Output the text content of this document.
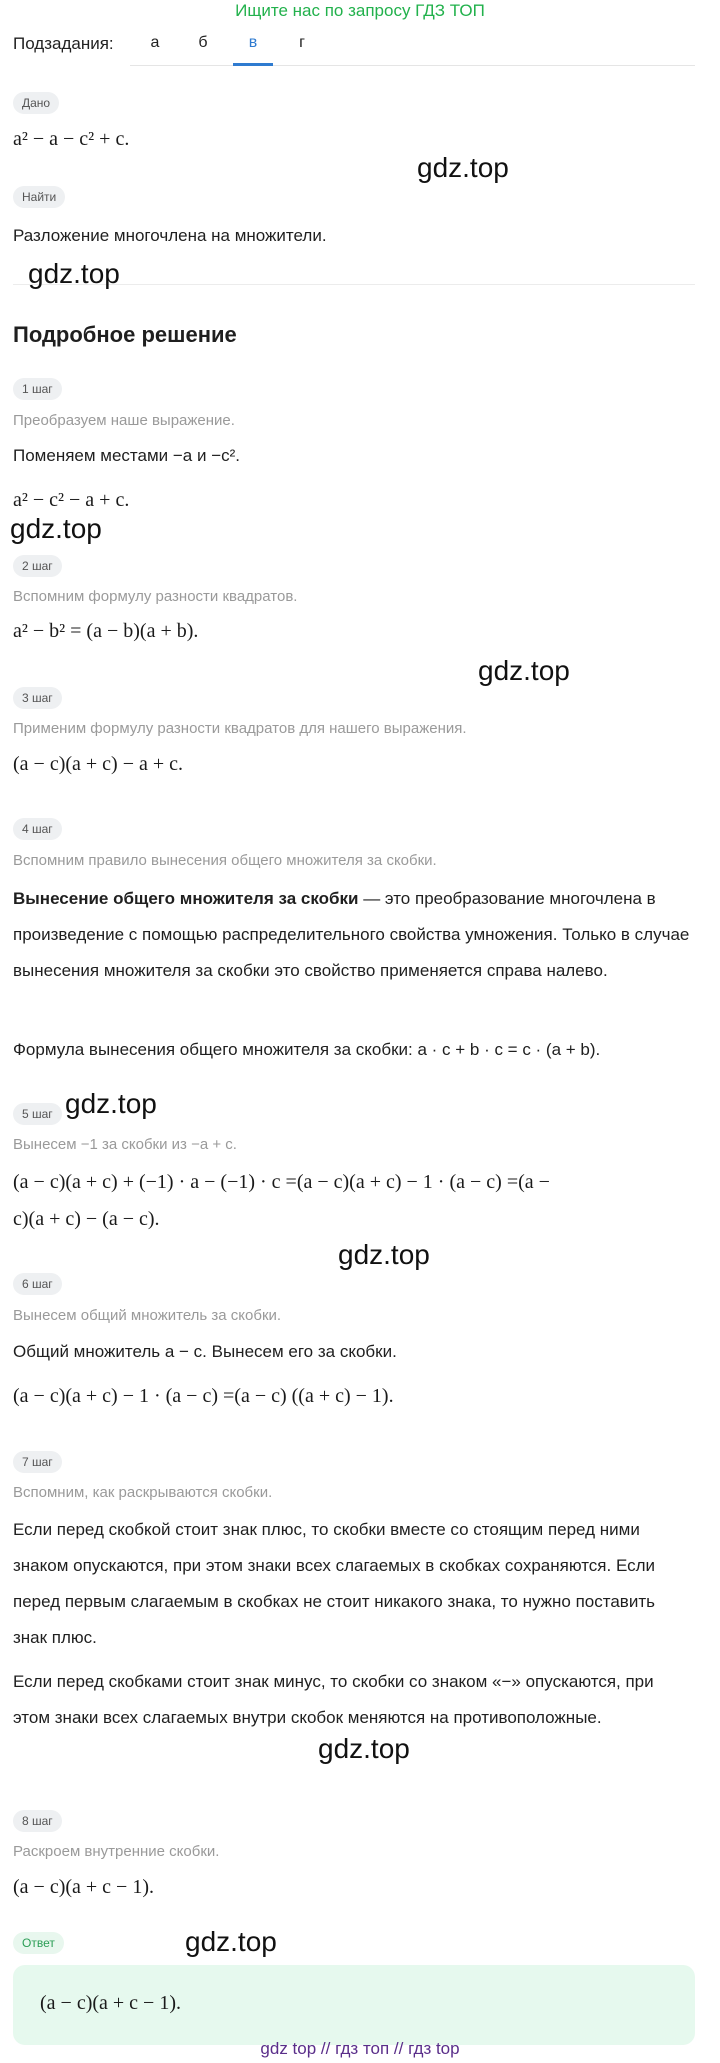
Ищите нас по запросу ГДЗ ТОП
Подзадания:	а	б	в	г
Дано
a² − a − c² + c.
Найти
Разложение многочлена на множители.
Подробное решение
1 шаг
Преобразуем наше выражение.
Поменяем местами −a и −c².
a² − c² − a + c.
2 шаг
Вспомним формулу разности квадратов.
a² − b² = (a − b)(a + b).
3 шаг
Применим формулу разности квадратов для нашего выражения.
(a − c)(a + c) − a + c.
4 шаг
Вспомним правило вынесения общего множителя за скобки.
Вынесение общего множителя за скобки — это преобразование многочлена в произведение с помощью распределительного свойства умножения. Только в случае вынесения множителя за скобки это свойство применяется справа налево.
Формула вынесения общего множителя за скобки: a · c + b · c = c · (a + b).
5 шаг
Вынесем −1 за скобки из −a + c.
(a − c)(a + c) + (−1) · a − (−1) · c =(a − c)(a + c) − 1 · (a − c) =(a −
c)(a + c) − (a − c).
6 шаг
Вынесем общий множитель за скобки.
Общий множитель a − c. Вынесем его за скобки.
(a − c)(a + c) − 1 · (a − c) =(a − c) ((a + c) − 1).
7 шаг
Вспомним, как раскрываются скобки.
Если перед скобкой стоит знак плюс, то скобки вместе со стоящим перед ними знаком опускаются, при этом знаки всех слагаемых в скобках сохраняются. Если перед первым слагаемым в скобках не стоит никакого знака, то нужно поставить знак плюс.
Если перед скобками стоит знак минус, то скобки со знаком «−» опускаются, при этом знаки всех слагаемых внутри скобок меняются на противоположные.
8 шаг
Раскроем внутренние скобки.
(a − c)(a + c − 1).
Ответ
(a − c)(a + c − 1).
gdz.top
gdz.top
gdz.top
gdz.top
gdz.top
gdz.top
gdz.top
gdz.top
gdz top // гдз топ // гдз top
